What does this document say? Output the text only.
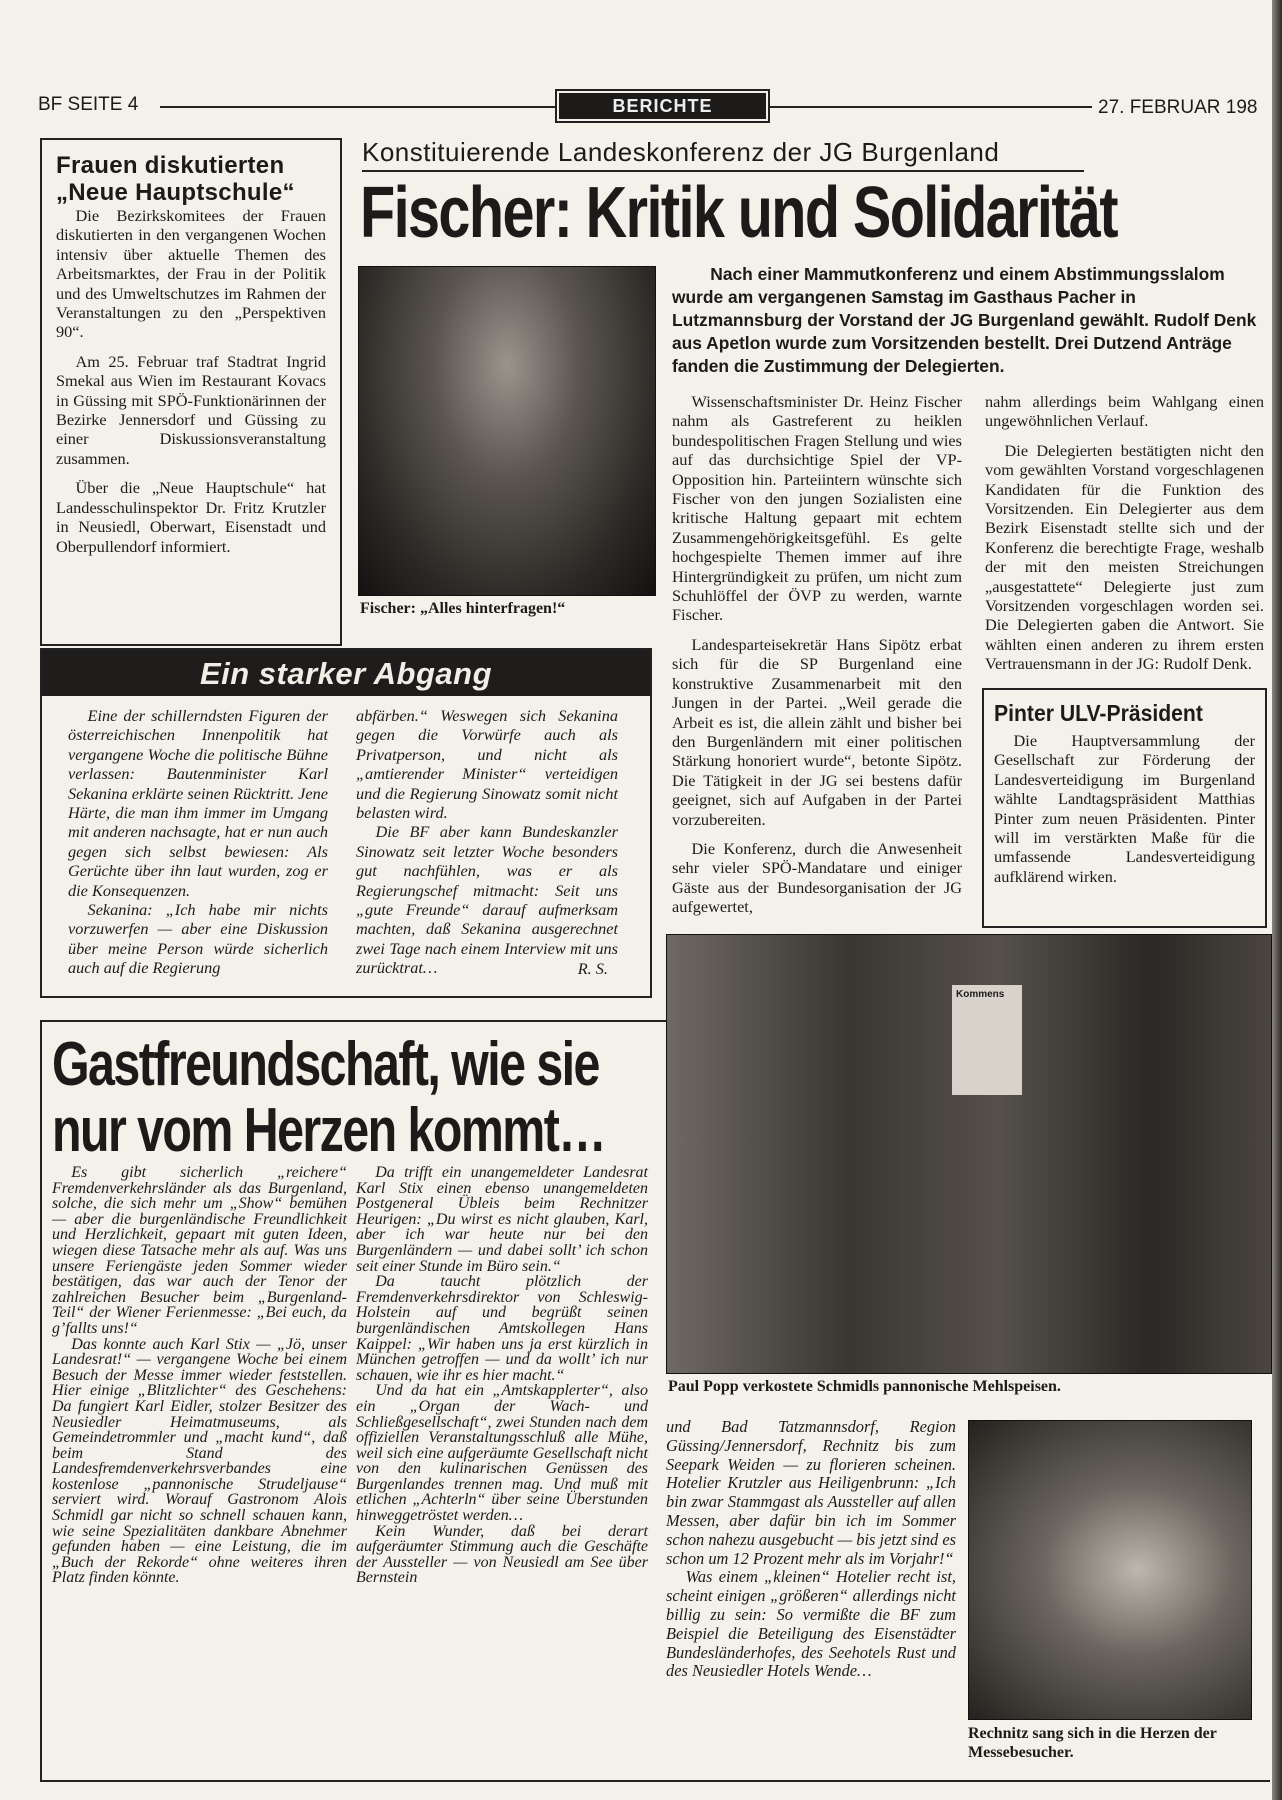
BF SEITE 4	BERICHTE	27. FEBRUAR 198
Frauen diskutierten
„Neue Hauptschule“

Die Bezirkskomitees der Frauen diskutierten in den vergangenen Wochen intensiv über aktuelle Themen des Arbeitsmarktes, der Frau in der Politik und des Umweltschutzes im Rahmen der Veranstaltungen zu den „Perspektiven 90“.

Am 25. Februar traf Stadtrat Ingrid Smekal aus Wien im Restaurant Kovacs in Güssing mit SPÖ-Funktionärinnen der Bezirke Jennersdorf und Güssing zu einer Diskussionsveranstaltung zusammen.

Über die „Neue Hauptschule“ hat Landesschulinspektor Dr. Fritz Krutzler in Neusiedl, Oberwart, Eisenstadt und Oberpullendorf informiert.

Konstituierende Landeskonferenz der JG Burgenland
Fischer: Kritik und Solidarität
Fischer: „Alles hinterfragen!“
Nach einer Mammutkonferenz und einem Abstimmungsslalom wurde am vergangenen Samstag im Gasthaus Pacher in Lutzmannsburg der Vorstand der JG Burgenland gewählt. Rudolf Denk aus Apetlon wurde zum Vorsitzenden bestellt. Drei Dutzend Anträge fanden die Zustimmung der Delegierten.

Wissenschaftsminister Dr. Heinz Fischer nahm als Gastreferent zu heiklen bundespolitischen Fragen Stellung und wies auf das durchsichtige Spiel der VP-Opposition hin. Parteiintern wünschte sich Fischer von den jungen Sozialisten eine kritische Haltung gepaart mit echtem Zusammengehörigkeitsgefühl. Es gelte hochgespielte Themen immer auf ihre Hintergründigkeit zu prüfen, um nicht zum Schuhlöffel der ÖVP zu werden, warnte Fischer.

Landesparteisekretär Hans Sipötz erbat sich für die SP Burgenland eine konstruktive Zusammenarbeit mit den Jungen in der Partei. „Weil gerade die Arbeit es ist, die allein zählt und bisher bei den Burgenländern mit einer politischen Stärkung honoriert wurde“, betonte Sipötz. Die Tätigkeit in der JG sei bestens dafür geeignet, sich auf Aufgaben in der Partei vorzubereiten.

Die Konferenz, durch die Anwesenheit sehr vieler SPÖ-Mandatare und einiger Gäste aus der Bundesorganisation der JG aufgewertet,

nahm allerdings beim Wahlgang einen ungewöhnlichen Verlauf.

Die Delegierten bestätigten nicht den vom gewählten Vorstand vorgeschlagenen Kandidaten für die Funktion des Vorsitzenden. Ein Delegierter aus dem Bezirk Eisenstadt stellte sich und der Konferenz die berechtigte Frage, weshalb der mit den meisten Streichungen „ausgestattete“ Delegierte just zum Vorsitzenden vorgeschlagen worden sei. Die Delegierten gaben die Antwort. Sie wählten einen anderen zu ihrem ersten Vertrauensmann in der JG: Rudolf Denk.

Pinter ULV-Präsident

Die Hauptversammlung der Gesellschaft zur Förderung der Landesverteidigung im Burgenland wählte Landtagspräsident Matthias Pinter zum neuen Präsidenten. Pinter will im verstärkten Maße für die umfassende Landesverteidigung aufklärend wirken.

Ein starker Abgang

Eine der schillerndsten Figuren der österreichischen Innenpolitik hat vergangene Woche die politische Bühne verlassen: Bautenminister Karl Sekanina erklärte seinen Rücktritt. Jene Härte, die man ihm immer im Umgang mit anderen nachsagte, hat er nun auch gegen sich selbst bewiesen: Als Gerüchte über ihn laut wurden, zog er die Konsequenzen.

Sekanina: „Ich habe mir nichts vorzuwerfen — aber eine Diskussion über meine Person würde sicherlich auch auf die Regierung

abfärben.“ Weswegen sich Sekanina gegen die Vorwürfe auch als Privatperson, und nicht als „amtierender Minister“ verteidigen und die Regierung Sinowatz somit nicht belasten wird.

Die BF aber kann Bundeskanzler Sinowatz seit letzter Woche besonders gut nachfühlen, was er als Regierungschef mitmacht: Seit uns „gute Freunde“ darauf aufmerksam machten, daß Sekanina ausgerechnet zwei Tage nach einem Interview mit uns zurücktrat…	R. S.
Gastfreundschaft, wie sie
nur vom Herzen kommt…

Es gibt sicherlich „reichere“ Fremdenverkehrsländer als das Burgenland, solche, die sich mehr um „Show“ bemühen — aber die burgenländische Freundlichkeit und Herzlichkeit, gepaart mit guten Ideen, wiegen diese Tatsache mehr als auf. Was uns unsere Feriengäste jeden Sommer wieder bestätigen, das war auch der Tenor der zahlreichen Besucher beim „Burgenland-Teil“ der Wiener Ferienmesse: „Bei euch, da g’fallts uns!“

Das konnte auch Karl Stix — „Jö, unser Landesrat!“ — vergangene Woche bei einem Besuch der Messe immer wieder feststellen. Hier einige „Blitzlichter“ des Geschehens: Da fungiert Karl Eidler, stolzer Besitzer des Neusiedler Heimatmuseums, als Gemeindetrommler und „macht kund“, daß beim Stand des Landesfremdenverkehrsverbandes eine kostenlose „pannonische Strudeljause“ serviert wird. Worauf Gastronom Alois Schmidl gar nicht so schnell schauen kann, wie seine Spezialitäten dankbare Abnehmer gefunden haben — eine Leistung, die im „Buch der Rekorde“ ohne weiteres ihren Platz finden könnte.

Da trifft ein unangemeldeter Landesrat Karl Stix einen ebenso unangemeldeten Postgeneral Übleis beim Rechnitzer Heurigen: „Du wirst es nicht glauben, Karl, aber ich war heute nur bei den Burgenländern — und dabei sollt’ ich schon seit einer Stunde im Büro sein.“

Da taucht plötzlich der Fremdenverkehrsdirektor von Schleswig-Holstein auf und begrüßt seinen burgenländischen Amtskollegen Hans Kaippel: „Wir haben uns ja erst kürzlich in München getroffen — und da wollt’ ich nur schauen, wie ihr es hier macht.“

Und da hat ein „Amtskapplerter“, also ein „Organ der Wach- und Schließgesellschaft“, zwei Stunden nach dem offiziellen Veranstaltungsschluß alle Mühe, weil sich eine aufgeräumte Gesellschaft nicht von den kulinarischen Genüssen des Burgenlandes trennen mag. Und muß mit etlichen „Achterln“ über seine Überstunden hinweggetröstet werden…

Kein Wunder, daß bei derart aufgeräumter Stimmung auch die Geschäfte der Aussteller — von Neusiedl am See über Bernstein

Kommens
Paul Popp verkostete Schmidls pannonische Mehlspeisen.

und Bad Tatzmannsdorf, Region Güssing/Jennersdorf, Rechnitz bis zum Seepark Weiden — zu florieren scheinen. Hotelier Krutzler aus Heiligenbrunn: „Ich bin zwar Stammgast als Aussteller auf allen Messen, aber dafür bin ich im Sommer schon nahezu ausgebucht — bis jetzt sind es schon um 12 Prozent mehr als im Vorjahr!“

Was einem „kleinen“ Hotelier recht ist, scheint einigen „größeren“ allerdings nicht billig zu sein: So vermißte die BF zum Beispiel die Beteiligung des Eisenstädter Bundesländerhofes, des Seehotels Rust und des Neusiedler Hotels Wende…

Rechnitz sang sich in die Herzen der Messebesucher.
